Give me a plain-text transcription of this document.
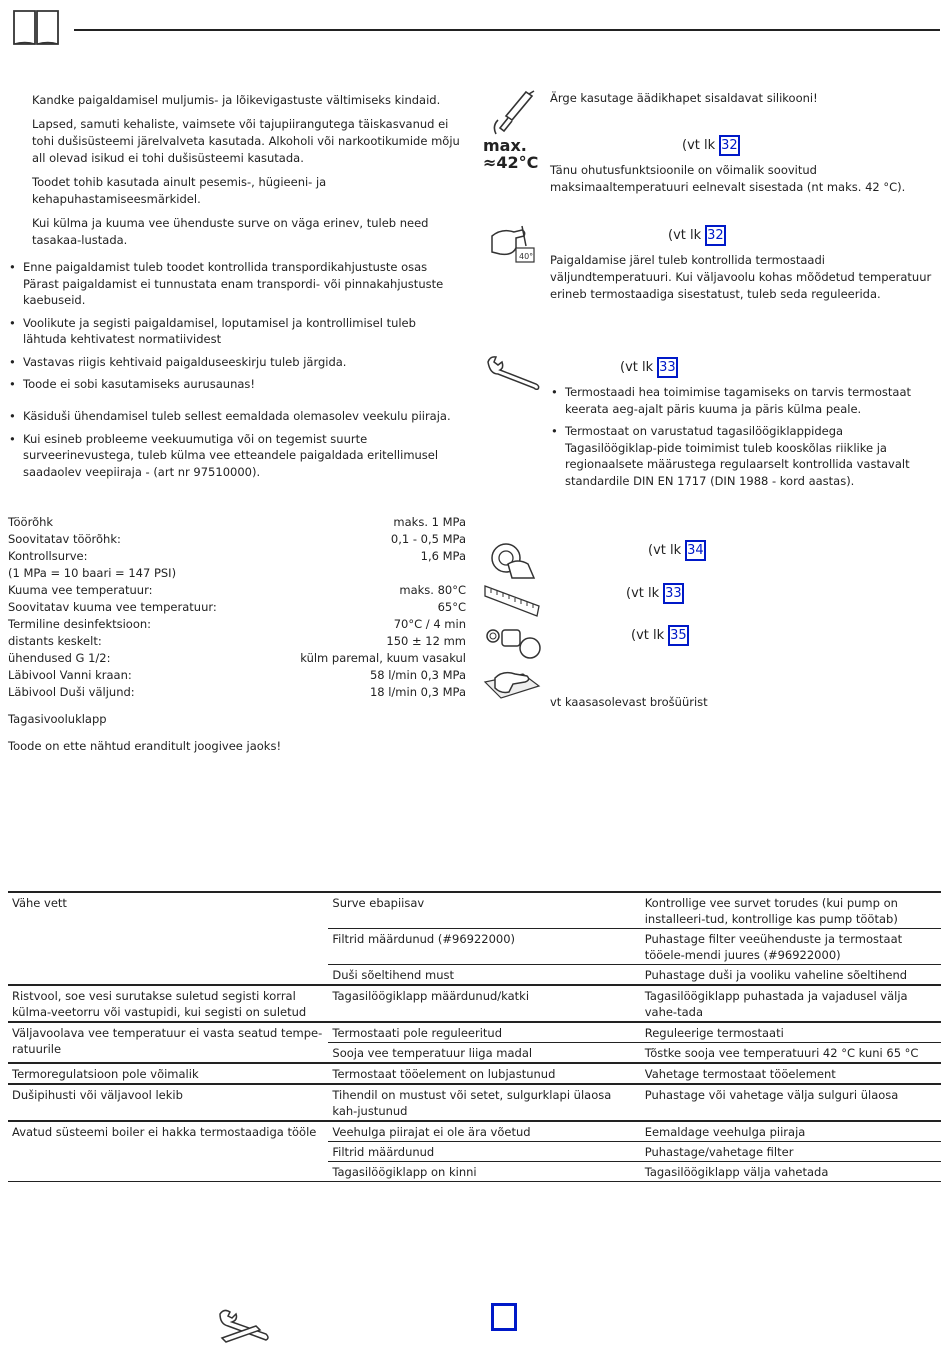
Kandke paigaldamisel muljumis- ja lõikevigastuste vältimiseks kindaid.

Lapsed, samuti kehaliste, vaimsete või tajupiirangutega täiskasvanud ei tohi dušisüsteemi järelvalveta kasutada. Alkoholi või narkootikumide mõju all olevad isikud ei tohi dušisüsteemi kasutada.

Toodet tohib kasutada ainult pesemis-, hügieeni- ja kehapuhastamiseesmärkidel.

Kui külma ja kuuma vee ühenduste surve on väga erinev, tuleb need tasakaa-lustada.

• Enne paigaldamist tuleb toodet kontrollida transpordikahjustuste osas Pärast paigaldamist ei tunnustata enam transpordi- või pinnakahjustuste kaebuseid.
• Voolikute ja segisti paigaldamisel, loputamisel ja kontrollimisel tuleb lähtuda kehtivatest normatiividest
• Vastavas riigis kehtivaid paigalduseeskirju tuleb järgida.
• Toode ei sobi kasutamiseks aurusaunas!
• Käsiduši ühendamisel tuleb sellest eemaldada olemasolev veekulu piiraja.
• Kui esineb probleeme veekuumutiga või on tegemist suurte surveerinevustega, tuleb külma vee etteandele paigaldada eritellimusel saadaolev veepiiraja - (art nr 97510000).
Töörõhk	maks. 1 MPa
Soovitatav töörõhk:	0,1 - 0,5 MPa
Kontrollsurve:	1,6 MPa
(1 MPa = 10 baari = 147 PSI)
Kuuma vee temperatuur:	maks. 80°C
Soovitatav kuuma vee temperatuur:	65°C
Termiline desinfektsioon:	70°C / 4 min
distants keskelt:	150 ± 12 mm
ühendused G 1/2:	külm paremal, kuum vasakul
Läbivool Vanni kraan:	58 l/min 0,3 MPa
Läbivool Duši väljund:	18 l/min 0,3 MPa
Tagasivooluklapp
Toode on ette nähtud eranditult joogivee jaoks!
Ärge kasutage äädikhapet sisaldavat silikooni!
max.
≈42°C
(vt lk 32
Tänu ohutusfunktsioonile on võimalik soovitud maksimaaltemperatuuri eelnevalt sisestada (nt maks. 42 °C).
40°
(vt lk 32
Paigaldamise järel tuleb kontrollida termostaadi väljundtemperatuuri. Kui väljavoolu kohas mõõdetud temperatuur erineb termostaadiga sisestatust, tuleb seda reguleerida.
(vt lk 33
• Termostaadi hea toimimise tagamiseks on tarvis termostaat keerata aeg-ajalt päris kuuma ja päris külma peale.
• Termostaat on varustatud tagasilöögiklappidega Tagasilöögiklap-pide toimimist tuleb kooskõlas riiklike ja regionaalsete määrustega regulaarselt kontrollida vastavalt standardile DIN EN 1717 (DIN 1988 - kord aastas).
(vt lk 34
(vt lk 33
(vt lk 35
vt kaasasolevast brošüürist
Vähe vett	Surve ebapiisav	Kontrollige vee survet torudes (kui pump on installeeri-tud, kontrollige kas pump töötab)
	Filtrid määrdunud (#96922000)	Puhastage filter veeühenduste ja termostaat tööele-mendi juures (#96922000)
	Duši sõeltihend must	Puhastage duši ja vooliku vaheline sõeltihend
Ristvool, soe vesi surutakse suletud segisti korral külma-veetorru või vastupidi, kui segisti on suletud	Tagasilöögiklapp määrdunud/katki	Tagasilöögiklapp puhastada ja vajadusel välja vahe-tada
Väljavoolava vee temperatuur ei vasta seatud tempe-ratuurile	Termostaati pole reguleeritud	Reguleerige termostaati
	Sooja vee temperatuur liiga madal	Tõstke sooja vee temperatuuri 42 °C kuni 65 °C
Termoregulatsioon pole võimalik	Termostaat tööelement on lubjastunud	Vahetage termostaat tööelement
Dušipihusti või väljavool lekib	Tihendil on mustust või setet, sulgurklapi ülaosa kah-justunud	Puhastage või vahetage välja sulguri ülaosa
Avatud süsteemi boiler ei hakka termostaadiga tööle	Veehulga piirajat ei ole ära võetud	Eemaldage veehulga piiraja
	Filtrid määrdunud	Puhastage/vahetage filter
	Tagasilöögiklapp on kinni	Tagasilöögiklapp välja vahetada
